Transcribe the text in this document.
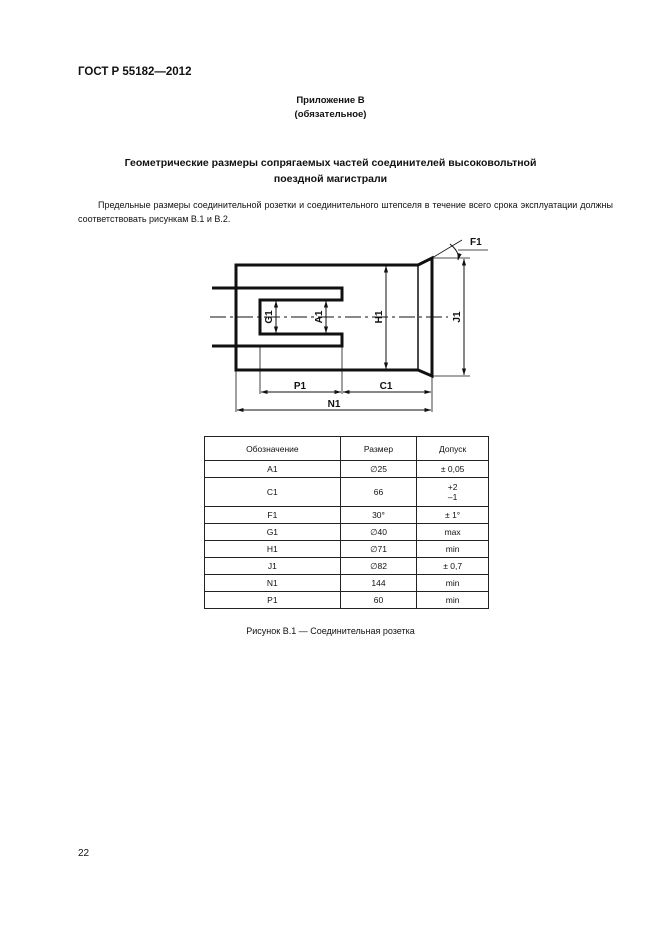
ГОСТ Р 55182—2012
Приложение В
(обязательное)
Геометрические размеры сопрягаемых частей соединителей высоковольтной
поездной магистрали
Предельные размеры соединительной розетки и соединительного штепселя в течение всего срока эксплуатации должны соответствовать рисункам В.1 и В.2.
F1
G1	A1	H1	J1
P1	C1
N1
Обозначение	Размер	Допуск
A1	∅25	± 0,05
C1	66	+2
–1

F1	30°	± 1°
G1	∅40	max
H1	∅71	min
J1	∅82	± 0,7
N1	144	min
P1	60	min
Рисунок В.1 — Соединительная розетка
22
